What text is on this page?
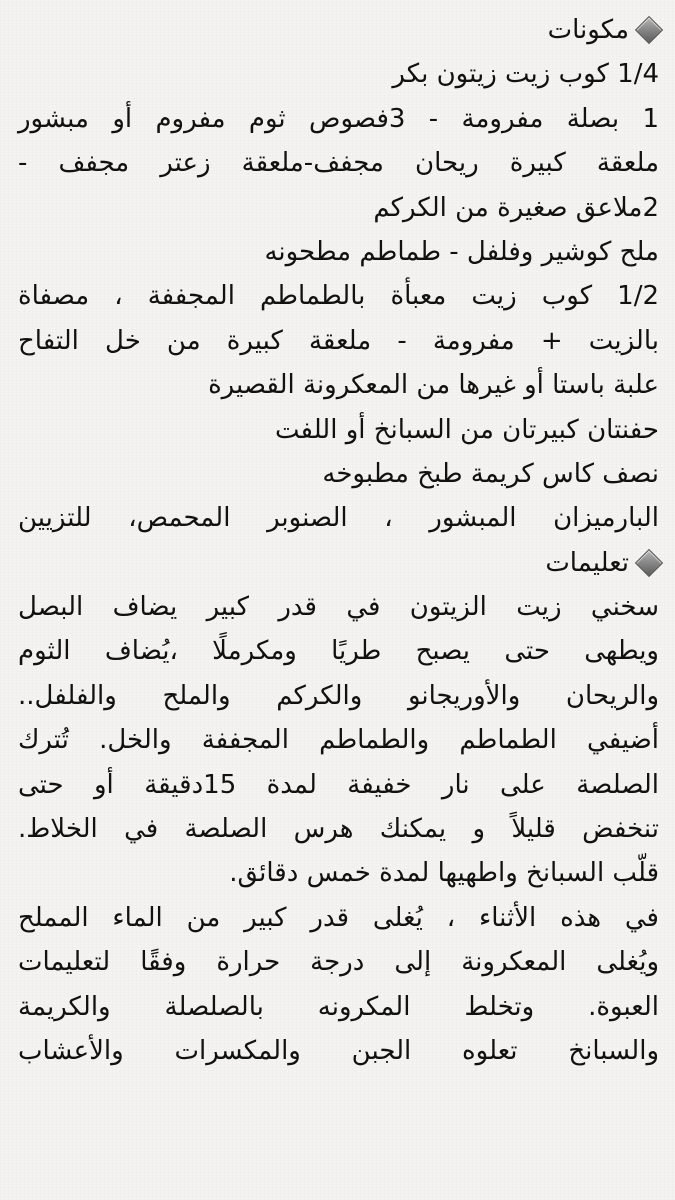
مكونات
1/4 كوب زيت زيتون بكر
1 بصلة مفرومة - 3فصوص ثوم مفروم أو مبشور
ملعقة كبيرة ريحان مجفف-ملعقة زعتر مجفف -
2ملاعق صغيرة من الكركم
ملح كوشير وفلفل - طماطم مطحونه
1/2 كوب زيت معبأة بالطماطم المجففة ، مصفاة
بالزيت + مفرومة - ملعقة كبيرة من خل التفاح
علبة باستا أو غيرها من المعكرونة القصيرة
حفنتان كبيرتان من السبانخ أو اللفت
نصف كاس كريمة طبخ مطبوخه
البارميزان المبشور ، الصنوبر المحمص، للتزيين
تعليمات
سخني زيت الزيتون في قدر كبير يضاف البصل
ويطهى حتى يصبح طريًا ومكرملًا ،يُضاف الثوم
والريحان والأوريجانو والكركم والملح والفلفل..
أضيفي الطماطم والطماطم المجففة والخل. تُترك
الصلصة على نار خفيفة لمدة 15دقيقة أو حتى
تنخفض قليلاً و يمكنك هرس الصلصة في الخلاط.
قلّب السبانخ واطهيها لمدة خمس دقائق.
في هذه الأثناء ، يُغلى قدر كبير من الماء المملح
ويُغلى المعكرونة إلى درجة حرارة وفقًا لتعليمات
العبوة. وتخلط المكرونه بالصلصلة والكريمة
والسبانخ تعلوه الجبن والمكسرات والأعشاب
